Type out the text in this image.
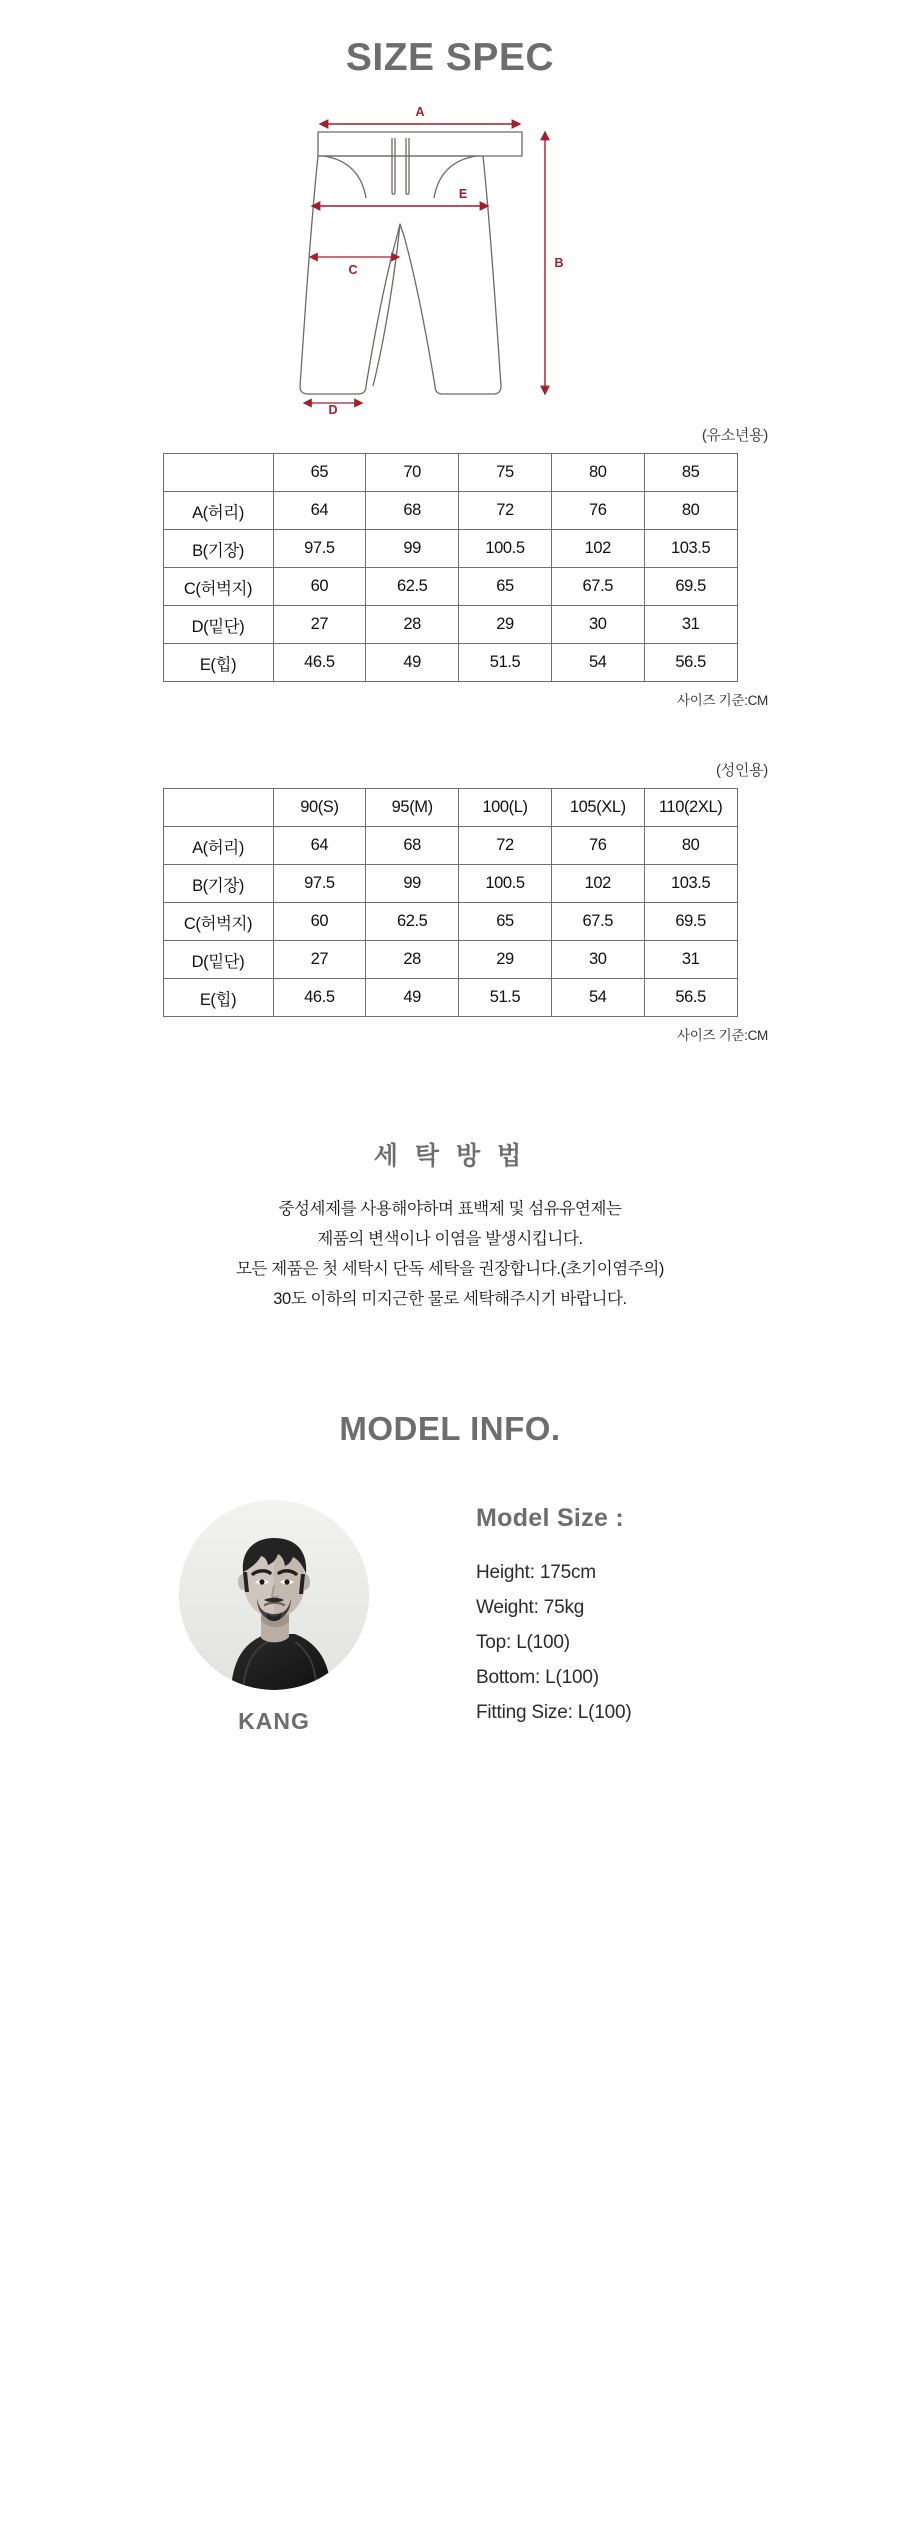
SIZE SPEC
A
E
C	B
D
(유소년용)
	65	70	75	80	85
A(허리)	64	68	72	76	80
B(기장)	97.5	99	100.5	102	103.5
C(허벅지)	60	62.5	65	67.5	69.5
D(밑단)	27	28	29	30	31
E(힙)	46.5	49	51.5	54	56.5
사이즈 기준:CM
(성인용)
	90(S)	95(M)	100(L)	105(XL)	110(2XL)
A(허리)	64	68	72	76	80
B(기장)	97.5	99	100.5	102	103.5
C(허벅지)	60	62.5	65	67.5	69.5
D(밑단)	27	28	29	30	31
E(힙)	46.5	49	51.5	54	56.5
사이즈 기준:CM
세 탁 방 법

중성세제를 사용해야하며 표백제 및 섬유유연제는

제품의 변색이나 이염을 발생시킵니다.

모든 제품은 첫 세탁시 단독 세탁을 권장합니다.(초기이염주의)

30도 이하의 미지근한 물로 세탁해주시기 바랍니다.

MODEL INFO.
KANG
Model Size :
Height: 175cm
Weight: 75kg
Top: L(100)
Bottom: L(100)
Fitting Size: L(100)
